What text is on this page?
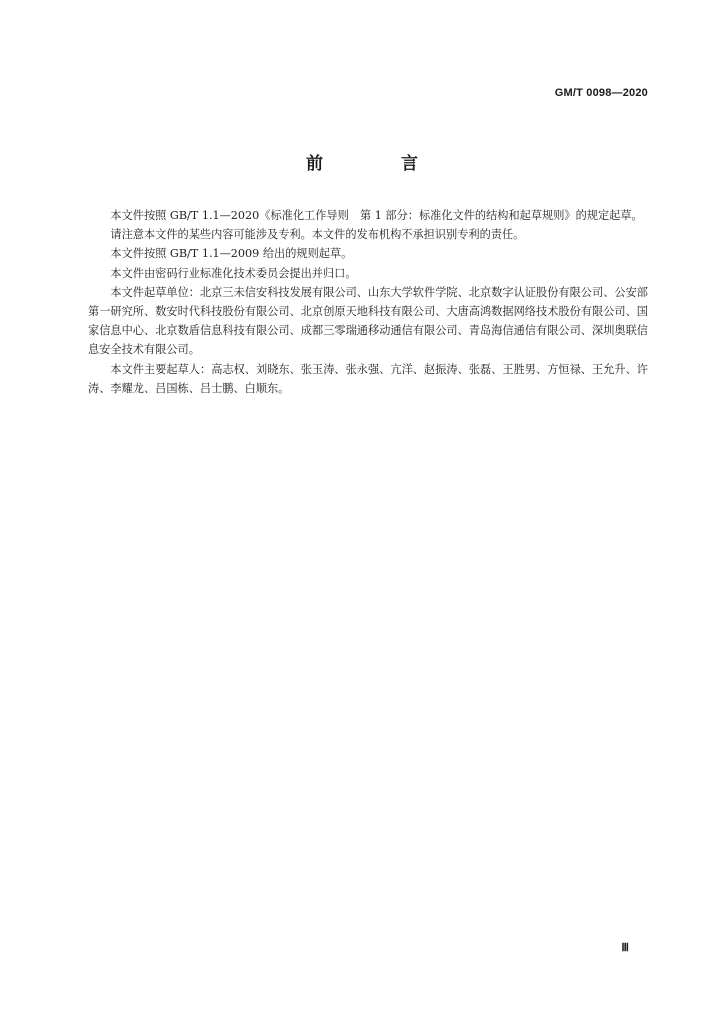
GM/T 0098—2020
前 言

本文件按照 GB/T 1.1—2020《标准化工作导则　第 1 部分：标准化文件的结构和起草规则》的规定起草。

请注意本文件的某些内容可能涉及专利。本文件的发布机构不承担识别专利的责任。

本文件按照 GB/T 1.1—2009 给出的规则起草。

本文件由密码行业标准化技术委员会提出并归口。

本文件起草单位：北京三未信安科技发展有限公司、山东大学软件学院、北京数字认证股份有限公司、公安部第一研究所、数安时代科技股份有限公司、北京创原天地科技有限公司、大唐高鸿数据网络技术股份有限公司、国家信息中心、北京数盾信息科技有限公司、成都三零瑞通移动通信有限公司、青岛海信通信有限公司、深圳奥联信息安全技术有限公司。

本文件主要起草人：高志权、刘晓东、张玉涛、张永强、亢洋、赵振涛、张磊、王胜男、方恒禄、王允升、许涛、李耀龙、吕国栋、吕士鹏、白顺东。

Ⅲ
